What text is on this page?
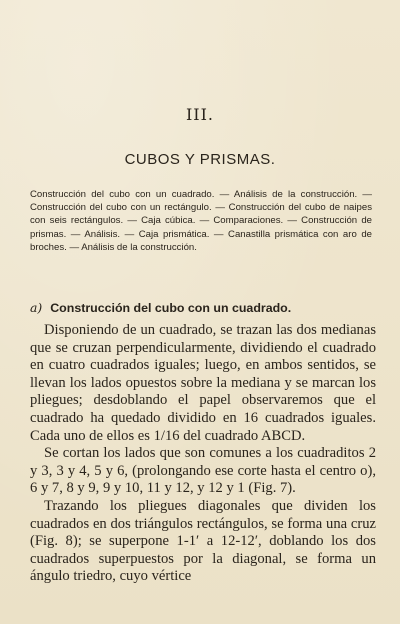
III.
CUBOS Y PRISMAS.

Construcción del cubo con un cuadrado. — Análisis de la construcción. — Construcción del cubo con un rectángulo. — Construcción del cubo de naipes con seis rectángulos. — Caja cúbica. — Comparaciones. — Construcción de prismas. — Análisis. — Caja prismática. — Canastilla prismática con aro de broches. — Análisis de la construcción.

a) Construcción del cubo con un cuadrado.

Disponiendo de un cuadrado, se trazan las dos medianas que se cruzan perpendicularmente, dividiendo el cuadrado en cuatro cuadrados iguales; luego, en ambos sentidos, se llevan los lados opuestos sobre la mediana y se marcan los pliegues; desdoblando el papel observaremos que el cuadrado ha quedado dividido en 16 cuadrados iguales. Cada uno de ellos es 1/16 del cuadrado ABCD.

Se cortan los lados que son comunes a los cuadraditos 2 y 3, 3 y 4, 5 y 6, (prolongando ese corte hasta el centro o), 6 y 7, 8 y 9, 9 y 10, 11 y 12, y 12 y 1 (Fig. 7).

Trazando los pliegues diagonales que dividen los cuadrados en dos triángulos rectángulos, se forma una cruz (Fig. 8); se superpone 1-1′ a 12-12′, doblando los dos cuadrados superpuestos por la diagonal, se forma un ángulo triedro, cuyo vértice
